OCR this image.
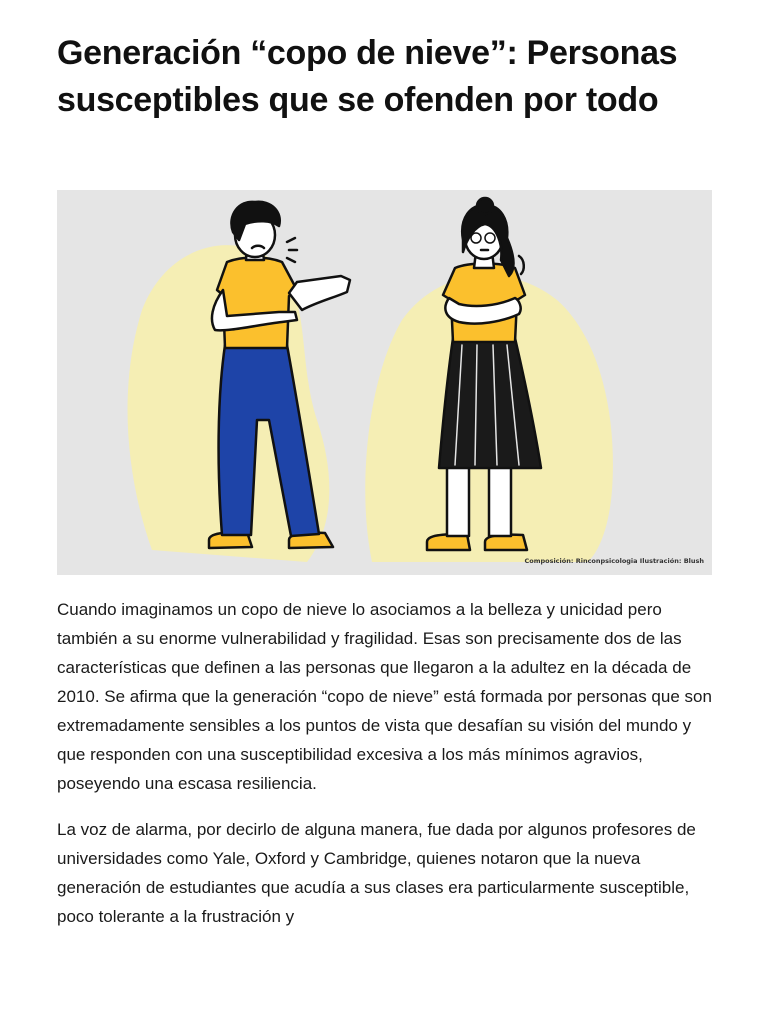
Generación “copo de nieve”: Personas susceptibles que se ofenden por todo
Composición: Rinconpsicologia Ilustración: Blush

Cuando imaginamos un copo de nieve lo asociamos a la belleza y unicidad pero también a su enorme vulnerabilidad y fragilidad. Esas son precisamente dos de las características que definen a las personas que llegaron a la adultez en la década de 2010. Se afirma que la generación “copo de nieve” está formada por personas que son extremadamente sensibles a los puntos de vista que desafían su visión del mundo y que responden con una susceptibilidad excesiva a los más mínimos agravios, poseyendo una escasa resiliencia.

La voz de alarma, por decirlo de alguna manera, fue dada por algunos profesores de universidades como Yale, Oxford y Cambridge, quienes notaron que la nueva generación de estudiantes que acudía a sus clases era particularmente susceptible, poco tolerante a la frustración y
